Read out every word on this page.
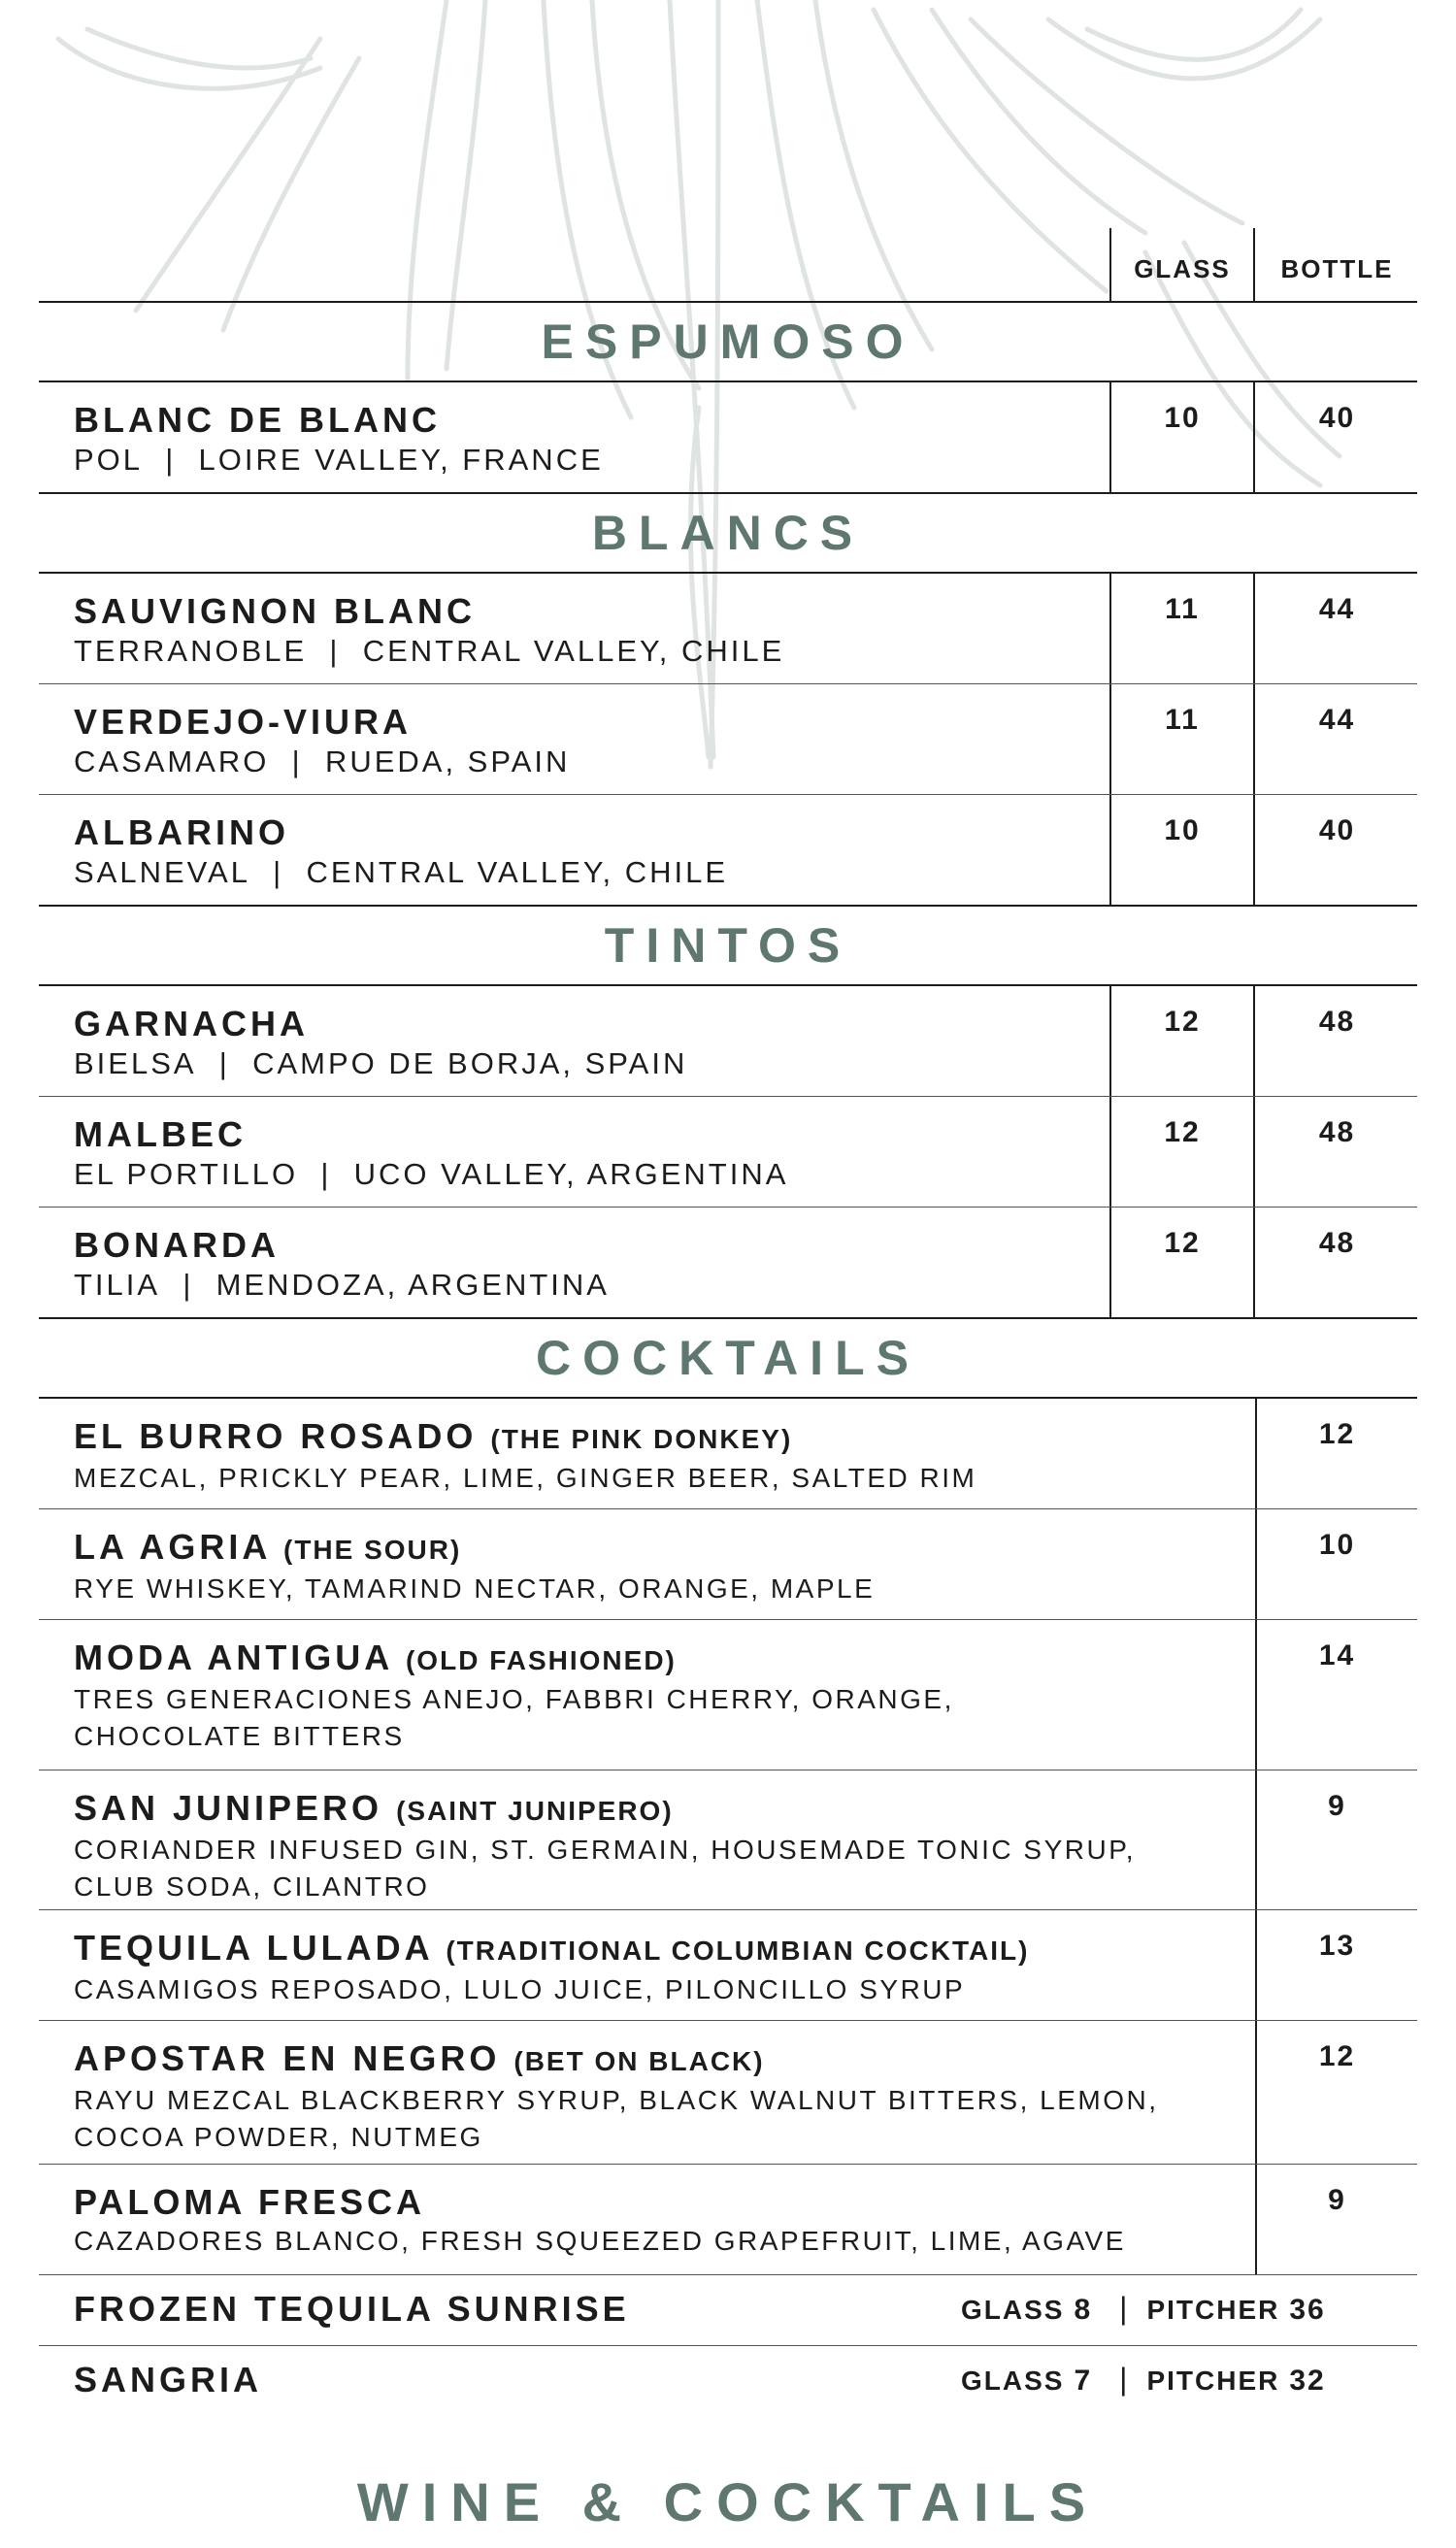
GLASS	BOTTLE
ESPUMOSO
BLANC DE BLANC
POL  |  LOIRE VALLEY, FRANCE
10	40
BLANCS
SAUVIGNON BLANC
TERRANOBLE  |  CENTRAL VALLEY, CHILE
11	44
VERDEJO-VIURA
CASAMARO  |  RUEDA, SPAIN
11	44
ALBARINO
SALNEVAL  |  CENTRAL VALLEY, CHILE
10	40
TINTOS
GARNACHA
BIELSA  |  CAMPO DE BORJA, SPAIN
12	48
MALBEC
EL PORTILLO  |  UCO VALLEY, ARGENTINA
12	48
BONARDA
TILIA  |  MENDOZA, ARGENTINA
12	48
COCKTAILS
EL BURRO ROSADO (THE PINK DONKEY)
MEZCAL, PRICKLY PEAR, LIME, GINGER BEER, SALTED RIM
12
LA AGRIA (THE SOUR)
RYE WHISKEY, TAMARIND NECTAR, ORANGE, MAPLE
10
MODA ANTIGUA (OLD FASHIONED)
TRES GENERACIONES ANEJO, FABBRI CHERRY, ORANGE,
CHOCOLATE BITTERS
14
SAN JUNIPERO (SAINT JUNIPERO)
CORIANDER INFUSED GIN, ST. GERMAIN, HOUSEMADE TONIC SYRUP,
CLUB SODA, CILANTRO
9
TEQUILA LULADA (TRADITIONAL COLUMBIAN COCKTAIL)
CASAMIGOS REPOSADO, LULO JUICE, PILONCILLO SYRUP
13
APOSTAR EN NEGRO (BET ON BLACK)
RAYU MEZCAL BLACKBERRY SYRUP, BLACK WALNUT BITTERS, LEMON,
COCOA POWDER, NUTMEG
12
PALOMA FRESCA
CAZADORES BLANCO, FRESH SQUEEZED GRAPEFRUIT, LIME, AGAVE
9
FROZEN TEQUILA SUNRISE	GLASS 8 | PITCHER 36
SANGRIA	GLASS 7 | PITCHER 32
WINE & COCKTAILS
